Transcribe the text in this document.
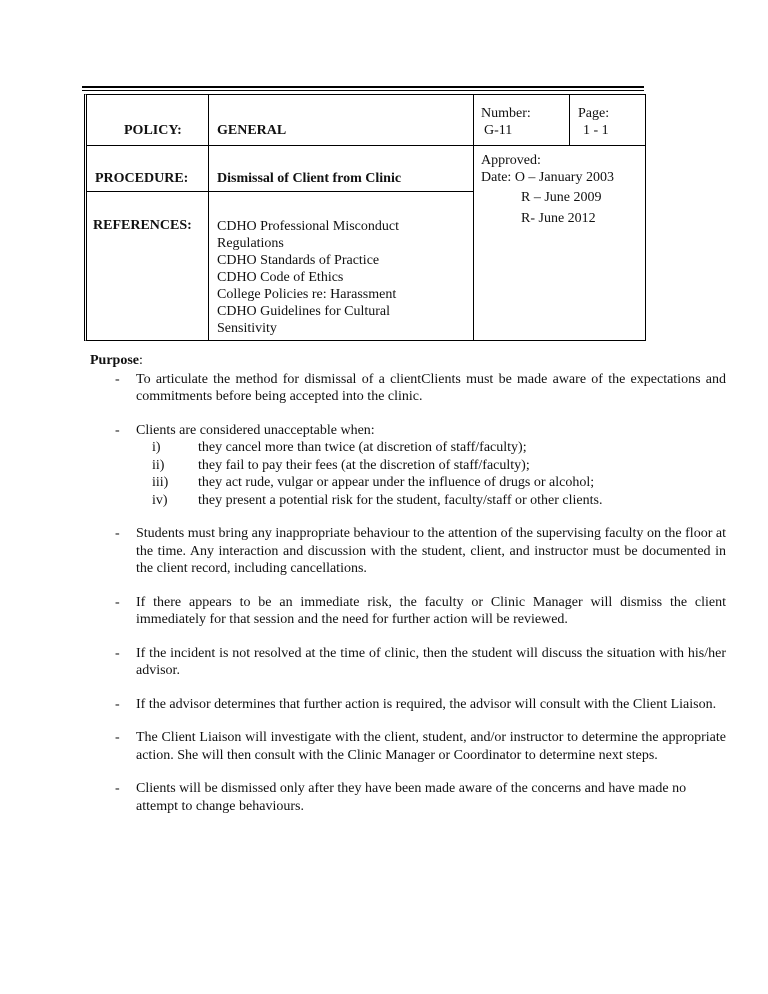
POLICY:	GENERAL
Number:
G-11
Page:
1 - 1
PROCEDURE: Dismissal of Client from Clinic
Approved:
Date: O – January 2003
R – June 2009
R- June 2012
REFERENCES: CDHO Professional Misconduct
Regulations
CDHO Standards of Practice
CDHO Code of Ethics
College Policies re: Harassment
CDHO Guidelines for Cultural
Sensitivity
Purpose:
- To articulate the method for dismissal of a clientClients must be made aware of the expectations and commitments before being accepted into the clinic.
- Clients are considered unacceptable when:
i)	they cancel more than twice (at discretion of staff/faculty);
ii) they fail to pay their fees (at the discretion of staff/faculty);
iii) they act rude, vulgar or appear under the influence of drugs or alcohol;
iv) they present a potential risk for the student, faculty/staff or other clients.
- Students must bring any inappropriate behaviour to the attention of the supervising faculty on the floor at the time. Any interaction and discussion with the student, client, and instructor must be documented in the client record, including cancellations.
- If there appears to be an immediate risk, the faculty or Clinic Manager will dismiss the client immediately for that session and the need for further action will be reviewed.
- If the incident is not resolved at the time of clinic, then the student will discuss the situation with his/her advisor.
- If the advisor determines that further action is required, the advisor will consult with the Client Liaison.
- The Client Liaison will investigate with the client, student, and/or instructor to determine the appropriate action. She will then consult with the Clinic Manager or Coordinator to determine next steps.
- Clients will be dismissed only after they have been made aware of the concerns and have made no attempt to change behaviours.
